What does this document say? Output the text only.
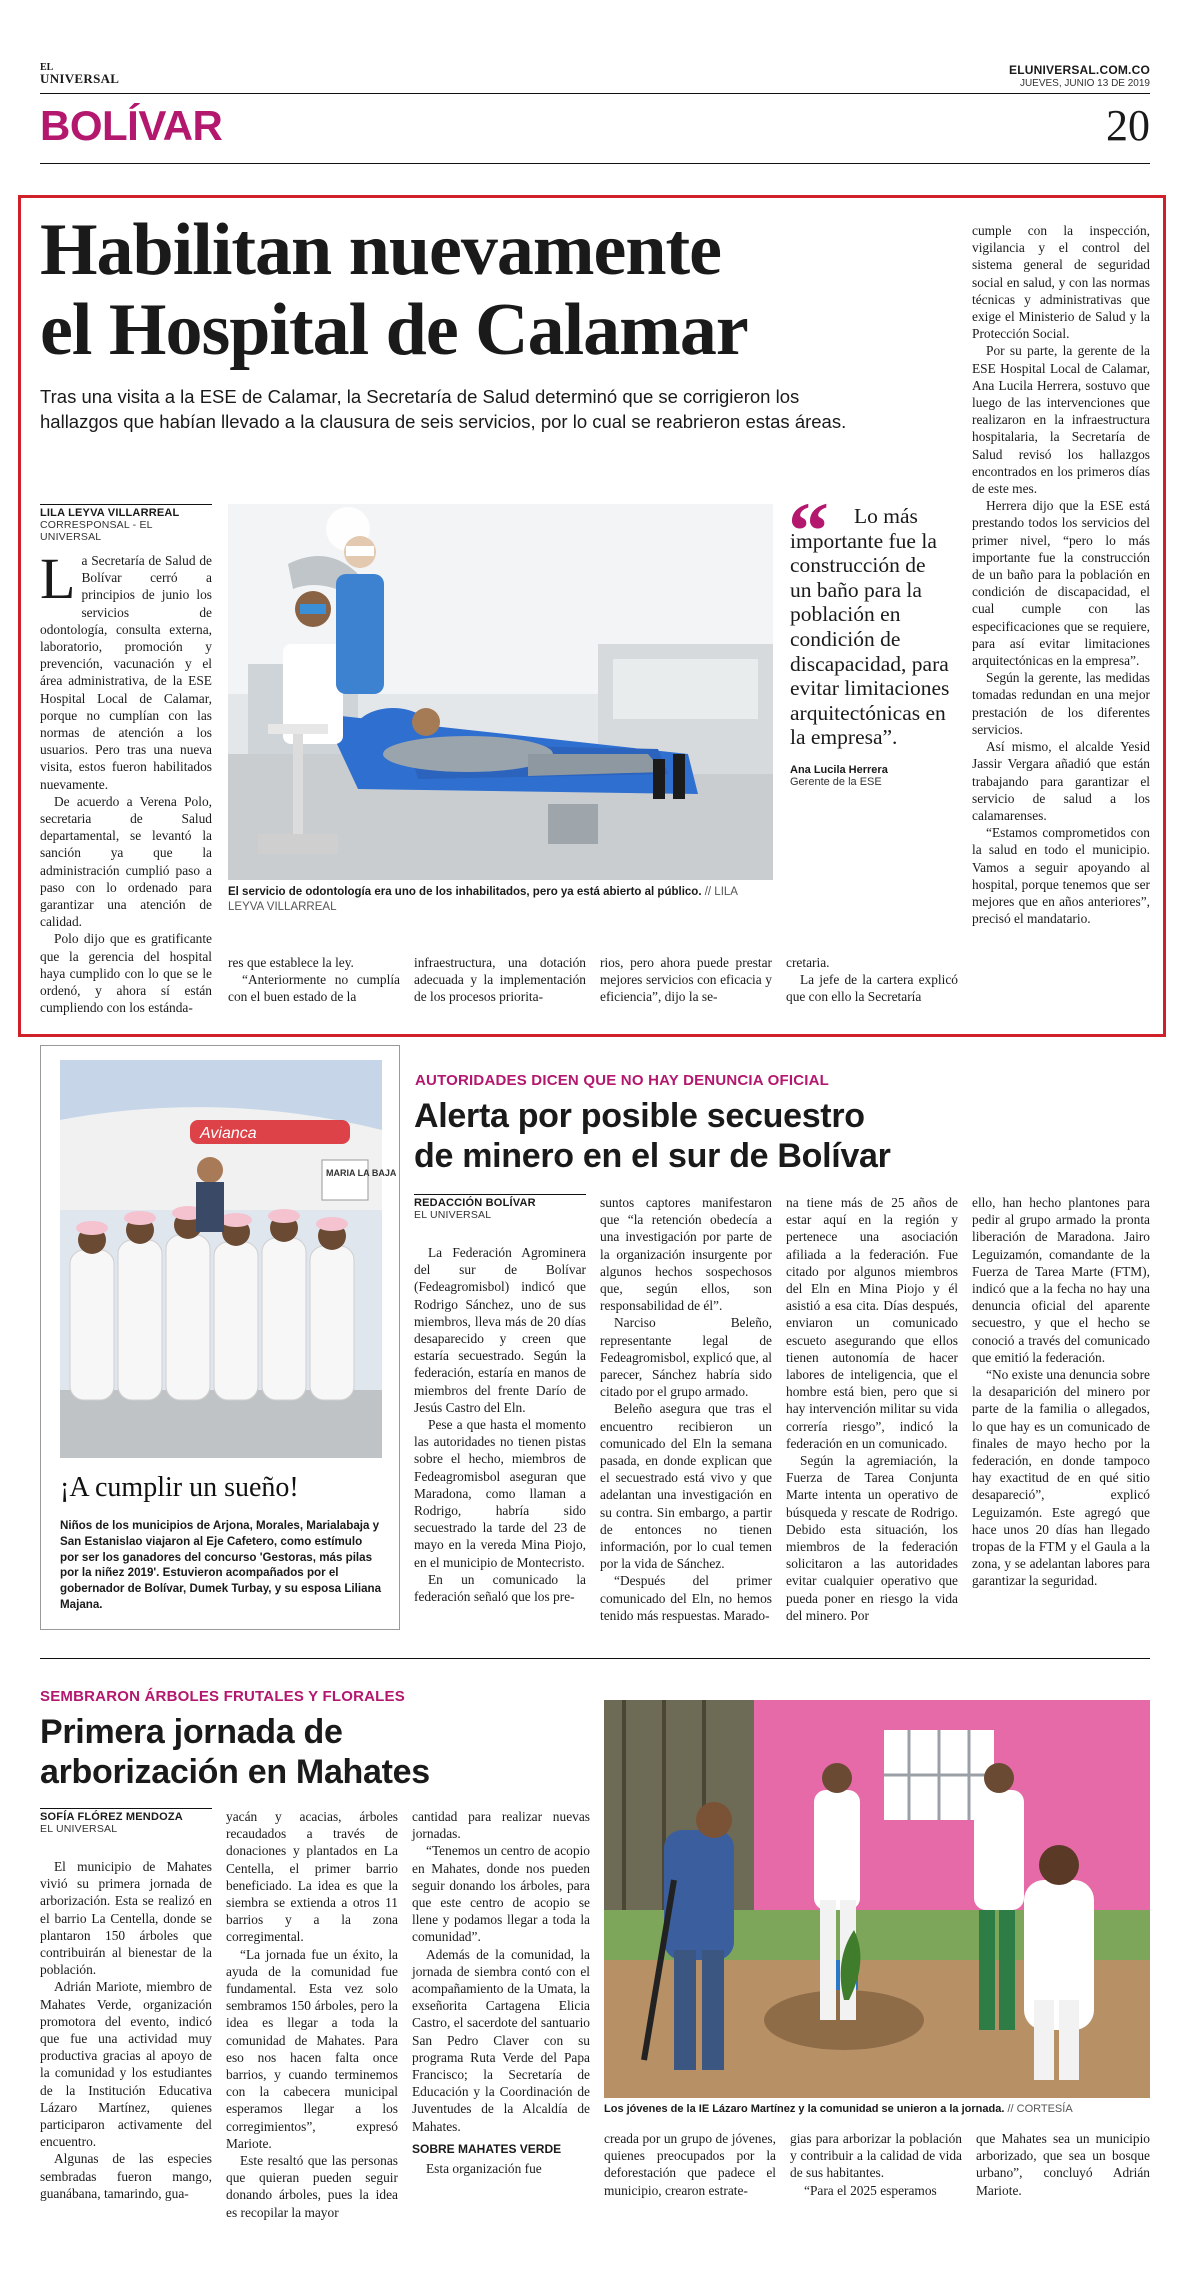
EL
UNIVERSAL
ELUNIVERSAL.COM.CO
JUEVES, JUNIO 13 DE 2019
BOLÍVAR	20
Habilitan nuevamente
el Hospital de Calamar
Tras una visita a la ESE de Calamar, la Secretaría de Salud determinó que se corrigieron los hallazgos que habían llevado a la clausura de seis servicios, por lo cual se reabrieron estas áreas.
LILA LEYVA VILLARREAL
CORRESPONSAL - EL UNIVERSAL

La Secretaría de Salud de Bolívar cerró a principios de junio los servicios de odontología, consulta externa, laboratorio, promoción y prevención, vacunación y el área administrativa, de la ESE Hospital Local de Calamar, porque no cumplían con las normas de atención a los usuarios. Pero tras una nueva visita, estos fueron habilitados nuevamente.

De acuerdo a Verena Polo, secretaria de Salud departamental, se levantó la sanción ya que la administración cumplió paso a paso con lo ordenado para garantizar una atención de calidad.

Polo dijo que es gratificante que la gerencia del hospital haya cumplido con lo que se le ordenó, y ahora sí están cumpliendo con los estánda-

El servicio de odontología era uno de los inhabilitados, pero ya está abierto al público. // LILA LEYVA VILLARREAL
“	Lo más importante fue la construcción de un baño para la población en condición de discapacidad, para evitar limitaciones arquitectónicas en la empresa”.
Ana Lucila Herrera
Gerente de la ESE

res que establece la ley.

“Anteriormente no cumplía con el buen estado de la

infraestructura, una dotación adecuada y la implementación de los procesos priorita-

rios, pero ahora puede prestar mejores servicios con eficacia y eficiencia”, dijo la se-

cretaria.

La jefe de la cartera explicó que con ello la Secretaría

cumple con la inspección, vigilancia y el control del sistema general de seguridad social en salud, y con las normas técnicas y administrativas que exige el Ministerio de Salud y la Protección Social.

Por su parte, la gerente de la ESE Hospital Local de Calamar, Ana Lucila Herrera, sostuvo que luego de las intervenciones que realizaron en la infraestructura hospitalaria, la Secretaría de Salud revisó los hallazgos encontrados en los primeros días de este mes.

Herrera dijo que la ESE está prestando todos los servicios del primer nivel, “pero lo más importante fue la construcción de un baño para la población en condición de discapacidad, el cual cumple con las especificaciones que se requiere, para así evitar limitaciones arquitectónicas en la empresa”.

Según la gerente, las medidas tomadas redundan en una mejor prestación de los diferentes servicios.

Así mismo, el alcalde Yesid Jassir Vergara añadió que están trabajando para garantizar el servicio de salud a los calamarenses.

“Estamos comprometidos con la salud en todo el municipio. Vamos a seguir apoyando al hospital, porque tenemos que ser mejores que en años anteriores”, precisó el mandatario.

Avianca
MARIA LA BAJA
¡A cumplir un sueño!
Niños de los municipios de Arjona, Morales, Marialabaja y San Estanislao viajaron al Eje Cafetero, como estímulo por ser los ganadores del concurso 'Gestoras, más pilas por la niñez 2019'. Estuvieron acompañados por el gobernador de Bolívar, Dumek Turbay, y su esposa Liliana Majana.
AUTORIDADES DICEN QUE NO HAY DENUNCIA OFICIAL
Alerta por posible secuestro
de minero en el sur de Bolívar
REDACCIÓN BOLÍVAR
EL UNIVERSAL

La Federación Agrominera del sur de Bolívar (Fedeagromisbol) indicó que Rodrigo Sánchez, uno de sus miembros, lleva más de 20 días desaparecido y creen que estaría secuestrado. Según la federación, estaría en manos de miembros del frente Darío de Jesús Castro del Eln.

Pese a que hasta el momento las autoridades no tienen pistas sobre el hecho, miembros de Fedeagromisbol aseguran que Maradona, como llaman a Rodrigo, habría sido secuestrado la tarde del 23 de mayo en la vereda Mina Piojo, en el municipio de Montecristo.

En un comunicado la federación señaló que los pre-

suntos captores manifestaron que “la retención obedecía a una investigación por parte de la organización insurgente por algunos hechos sospechosos que, según ellos, son responsabilidad de él”.

Narciso Beleño, representante legal de Fedeagromisbol, explicó que, al parecer, Sánchez habría sido citado por el grupo armado.

Beleño asegura que tras el encuentro recibieron un comunicado del Eln la semana pasada, en donde explican que el secuestrado está vivo y que adelantan una investigación en su contra. Sin embargo, a partir de entonces no tienen información, por lo cual temen por la vida de Sánchez.

“Después del primer comunicado del Eln, no hemos tenido más respuestas. Marado-

na tiene más de 25 años de estar aquí en la región y pertenece una asociación afiliada a la federación. Fue citado por algunos miembros del Eln en Mina Piojo y él asistió a esa cita. Días después, enviaron un comunicado escueto asegurando que ellos tienen autonomía de hacer labores de inteligencia, que el hombre está bien, pero que si hay intervención militar su vida correría riesgo”, indicó la federación en un comunicado.

Según la agremiación, la Fuerza de Tarea Conjunta Marte intenta un operativo de búsqueda y rescate de Rodrigo. Debido esta situación, los miembros de la federación solicitaron a las autoridades evitar cualquier operativo que pueda poner en riesgo la vida del minero. Por

ello, han hecho plantones para pedir al grupo armado la pronta liberación de Maradona. Jairo Leguizamón, comandante de la Fuerza de Tarea Marte (FTM), indicó que a la fecha no hay una denuncia oficial del aparente secuestro, y que el hecho se conoció a través del comunicado que emitió la federación.

“No existe una denuncia sobre la desaparición del minero por parte de la familia o allegados, lo que hay es un comunicado de finales de mayo hecho por la federación, en donde tampoco hay exactitud de en qué sitio desapareció”, explicó Leguizamón. Este agregó que hace unos 20 días han llegado tropas de la FTM y el Gaula a la zona, y se adelantan labores para garantizar la seguridad.

SEMBRARON ÁRBOLES FRUTALES Y FLORALES
Primera jornada de
arborización en Mahates
SOFÍA FLÓREZ MENDOZA
EL UNIVERSAL

El municipio de Mahates vivió su primera jornada de arborización. Esta se realizó en el barrio La Centella, donde se plantaron 150 árboles que contribuirán al bienestar de la población.

Adrián Mariote, miembro de Mahates Verde, organización promotora del evento, indicó que fue una actividad muy productiva gracias al apoyo de la comunidad y los estudiantes de la Institución Educativa Lázaro Martínez, quienes participaron activamente del encuentro.

Algunas de las especies sembradas fueron mango, guanábana, tamarindo, gua-

yacán y acacias, árboles recaudados a través de donaciones y plantados en La Centella, el primer barrio beneficiado. La idea es que la siembra se extienda a otros 11 barrios y a la zona corregimental.

“La jornada fue un éxito, la ayuda de la comunidad fue fundamental. Esta vez solo sembramos 150 árboles, pero la idea es llegar a toda la comunidad de Mahates. Para eso nos hacen falta once barrios, y cuando terminemos con la cabecera municipal esperamos llegar a los corregimientos”, expresó Mariote.

Este resaltó que las personas que quieran pueden seguir donando árboles, pues la idea es recopilar la mayor

cantidad para realizar nuevas jornadas.

“Tenemos un centro de acopio en Mahates, donde nos pueden seguir donando los árboles, para que este centro de acopio se llene y podamos llegar a toda la comunidad”.

Además de la comunidad, la jornada de siembra contó con el acompañamiento de la Umata, la exseñorita Cartagena Elicia Castro, el sacerdote del santuario San Pedro Claver con su programa Ruta Verde del Papa Francisco; la Secretaría de Educación y la Coordinación de Juventudes de la Alcaldía de Mahates.

SOBRE MAHATES VERDE

Esta organización fue

Los jóvenes de la IE Lázaro Martínez y la comunidad se unieron a la jornada. // CORTESÍA

creada por un grupo de jóvenes, quienes preocupados por la deforestación que padece el municipio, crearon estrate-

gias para arborizar la población y contribuir a la calidad de vida de sus habitantes.

“Para el 2025 esperamos

que Mahates sea un municipio arborizado, que sea un bosque urbano”, concluyó Adrián Mariote.
